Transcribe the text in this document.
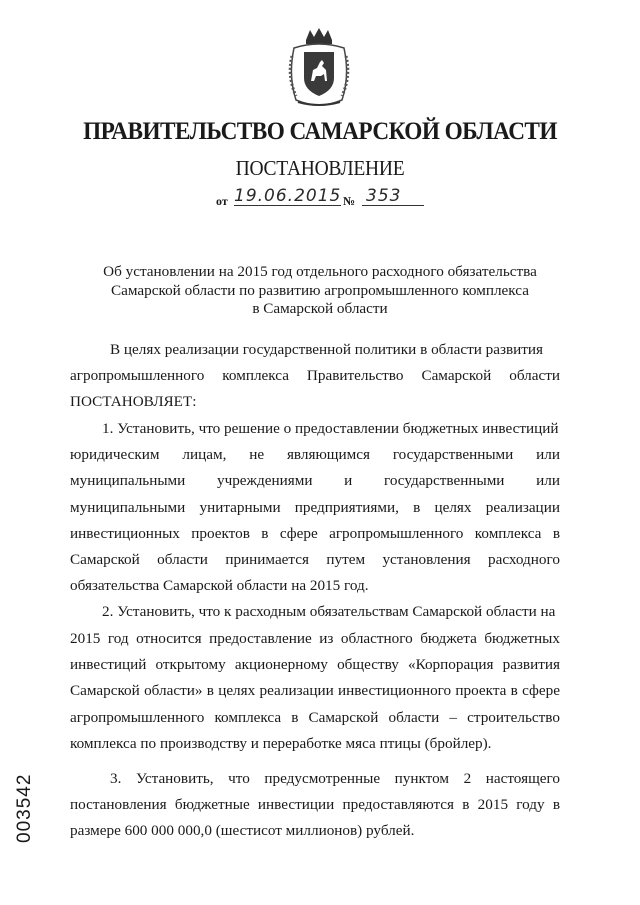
ПРАВИТЕЛЬСТВО САМАРСКОЙ ОБЛАСТИ
ПОСТАНОВЛЕНИЕ
от 19.06.2015 № 353
Об установлении на 2015 год отдельного расходного обязательства
Самарской области по развитию агропромышленного комплекса
в Самарской области
В целях реализации государственной политики в области развития
агропромышленного комплекса Правительство Самарской области
ПОСТАНОВЛЯЕТ:
1. Установить, что решение о предоставлении бюджетных инвестиций
юридическим лицам, не являющимся государственными или
муниципальными учреждениями и государственными или
муниципальными унитарными предприятиями, в целях реализации
инвестиционных проектов в сфере агропромышленного комплекса в
Самарской области принимается путем установления расходного
обязательства Самарской области на 2015 год.
2. Установить, что к расходным обязательствам Самарской области на
2015 год относится предоставление из областного бюджета бюджетных
инвестиций открытому акционерному обществу «Корпорация развития
Самарской области» в целях реализации инвестиционного проекта в сфере
агропромышленного комплекса в Самарской области – строительство
комплекса по производству и переработке мяса птицы (бройлер).
3. Установить, что предусмотренные пунктом 2 настоящего
постановления бюджетные инвестиции предоставляются в 2015 году в
размере 600 000 000,0 (шестисот миллионов) рублей.
003542
